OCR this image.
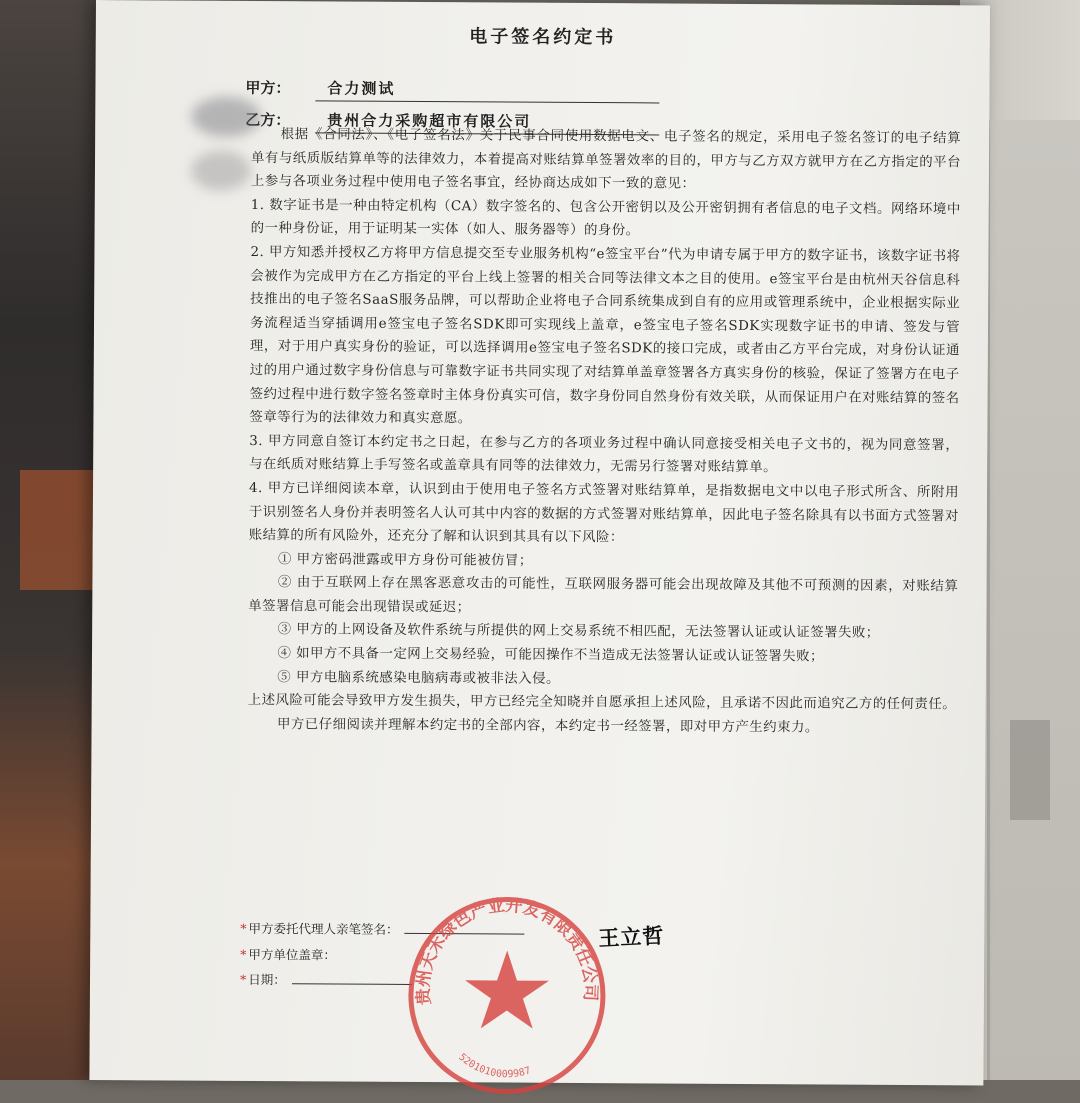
电子签名约定书
甲方： 合力测试
乙方： 贵州合力采购超市有限公司

根据《合同法》、《电子签名法》关于民事合同使用数据电文、电子签名的规定，采用电子签名签订的电子结算单有与纸质版结算单等的法律效力，本着提高对账结算单签署效率的目的，甲方与乙方双方就甲方在乙方指定的平台上参与各项业务过程中使用电子签名事宜，经协商达成如下一致的意见：

1. 数字证书是一种由特定机构（CA）数字签名的、包含公开密钥以及公开密钥拥有者信息的电子文档。网络环境中的一种身份证，用于证明某一实体（如人、服务器等）的身份。

2. 甲方知悉并授权乙方将甲方信息提交至专业服务机构“e签宝平台”代为申请专属于甲方的数字证书，该数字证书将会被作为完成甲方在乙方指定的平台上线上签署的相关合同等法律文本之目的使用。e签宝平台是由杭州天谷信息科技推出的电子签名SaaS服务品牌，可以帮助企业将电子合同系统集成到自有的应用或管理系统中，企业根据实际业务流程适当穿插调用e签宝电子签名SDK即可实现线上盖章，e签宝电子签名SDK实现数字证书的申请、签发与管理，对于用户真实身份的验证，可以选择调用e签宝电子签名SDK的接口完成，或者由乙方平台完成，对身份认证通过的用户通过数字身份信息与可靠数字证书共同实现了对结算单盖章签署各方真实身份的核验，保证了签署方在电子签约过程中进行数字签名签章时主体身份真实可信，数字身份同自然身份有效关联，从而保证用户在对账结算的签名签章等行为的法律效力和真实意愿。

3. 甲方同意自签订本约定书之日起，在参与乙方的各项业务过程中确认同意接受相关电子文书的，视为同意签署，与在纸质对账结算上手写签名或盖章具有同等的法律效力，无需另行签署对账结算单。

4. 甲方已详细阅读本章，认识到由于使用电子签名方式签署对账结算单，是指数据电文中以电子形式所含、所附用于识别签名人身份并表明签名人认可其中内容的数据的方式签署对账结算单，因此电子签名除具有以书面方式签署对账结算的所有风险外，还充分了解和认识到其具有以下风险：

① 甲方密码泄露或甲方身份可能被仿冒；

② 由于互联网上存在黑客恶意攻击的可能性，互联网服务器可能会出现故障及其他不可预测的因素，对账结算单签署信息可能会出现错误或延迟；

③ 甲方的上网设备及软件系统与所提供的网上交易系统不相匹配，无法签署认证或认证签署失败；

④ 如甲方不具备一定网上交易经验，可能因操作不当造成无法签署认证或认证签署失败；

⑤ 甲方电脑系统感染电脑病毒或被非法入侵。

上述风险可能会导致甲方发生损失，甲方已经完全知晓并自愿承担上述风险，且承诺不因此而追究乙方的任何责任。

甲方已仔细阅读并理解本约定书的全部内容，本约定书一经签署，即对甲方产生约束力。

* 甲方委托代理人亲笔签名：
* 甲方单位盖章：
* 日期：
王立哲
贵州天禾绿色产业开发有限责任公司
5201010009987
